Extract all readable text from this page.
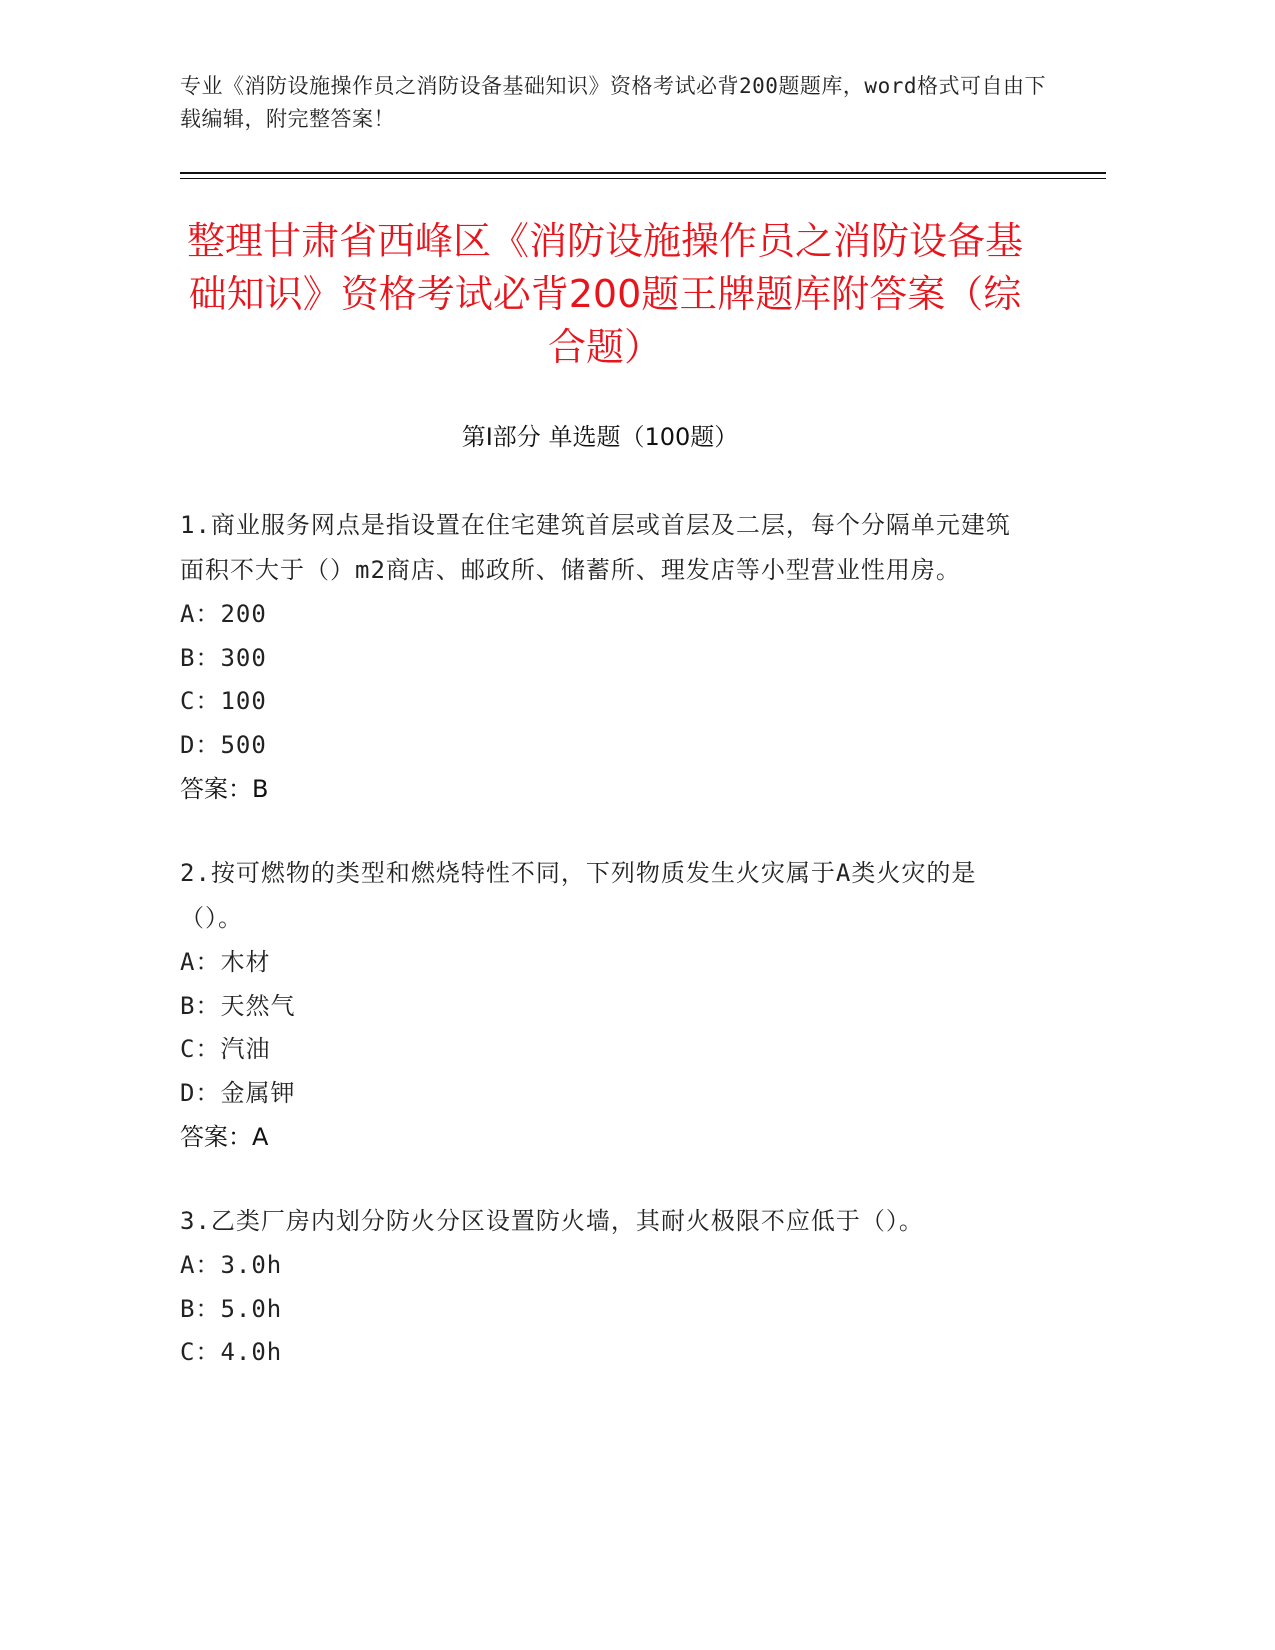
专业《消防设施操作员之消防设备基础知识》资格考试必背200题题库，word格式可自由下载编辑，附完整答案！
整理甘肃省西峰区《消防设施操作员之消防设备基础知识》资格考试必背200题王牌题库附答案（综合题）
第I部分 单选题（100题）
1.商业服务网点是指设置在住宅建筑首层或首层及二层，每个分隔单元建筑面积不大于（）m2商店、邮政所、储蓄所、理发店等小型营业性用房。
A：200
B：300
C：100
D：500
答案：B
2.按可燃物的类型和燃烧特性不同，下列物质发生火灾属于A类火灾的是（）。
A：木材
B：天然气
C：汽油
D：金属钾
答案：A
3.乙类厂房内划分防火分区设置防火墙，其耐火极限不应低于（）。
A：3.0h
B：5.0h
C：4.0h
